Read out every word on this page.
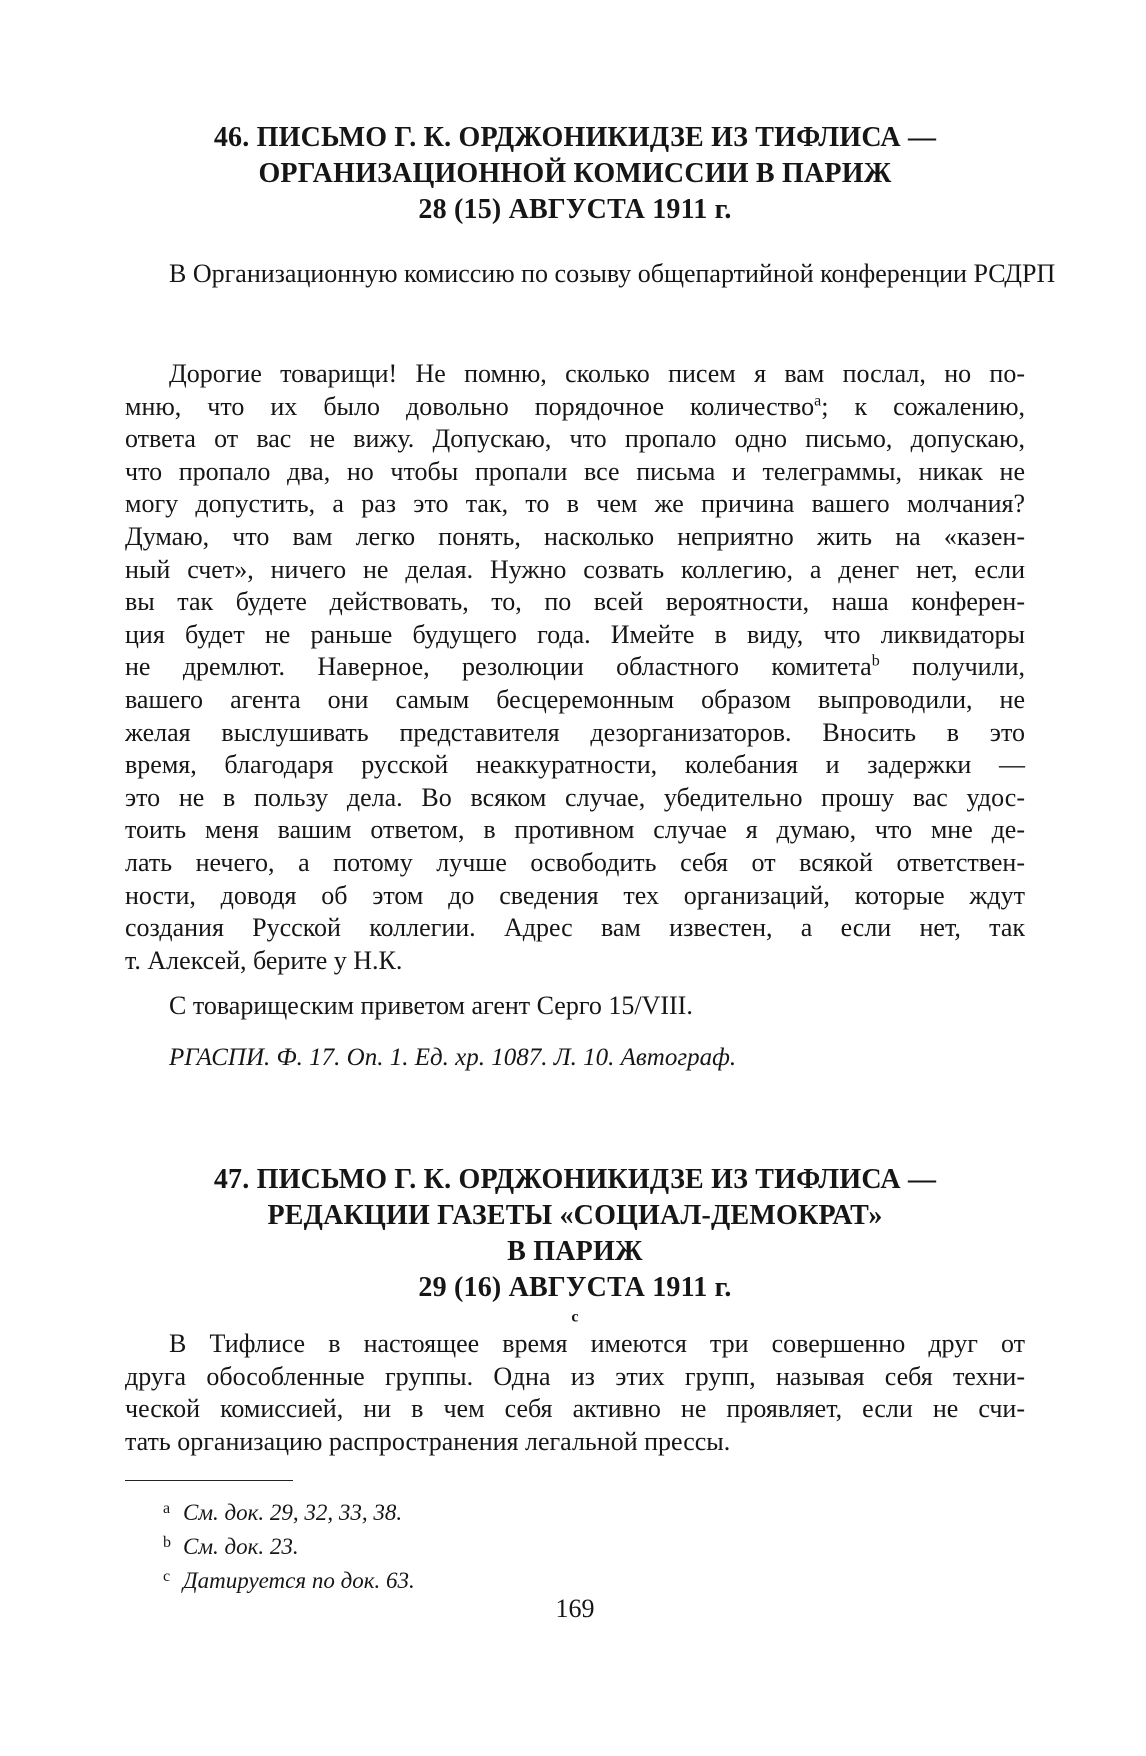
46. ПИСЬМО Г. К. ОРДЖОНИКИДЗЕ ИЗ ТИФЛИСА —
ОРГАНИЗАЦИОННОЙ КОМИССИИ В ПАРИЖ
28 (15) АВГУСТА 1911 г.

В Организационную комиссию по созыву общепартийной конференции РСДРП

Дорогие товарищи! Не помню, сколько писем я вам послал, но по-
мню, что их было довольно порядочное количество$^a$; к сожалению,
ответа от вас не вижу. Допускаю, что пропало одно письмо, допускаю,
что пропало два, но чтобы пропали все письма и телеграммы, никак не
могу допустить, а раз это так, то в чем же причина вашего молчания?
Думаю, что вам легко понять, насколько неприятно жить на «казен-
ный счет», ничего не делая. Нужно созвать коллегию, а денег нет, если
вы так будете действовать, то, по всей вероятности, наша конферен-
ция будет не раньше будущего года. Имейте в виду, что ликвидаторы
не дремлют. Наверное, резолюции областного комитета$^b$ получили,
вашего агента они самым бесцеремонным образом выпроводили, не
желая выслушивать представителя дезорганизаторов. Вносить в это
время, благодаря русской неаккуратности, колебания и задержки —
это не в пользу дела. Во всяком случае, убедительно прошу вас удос-
тоить меня вашим ответом, в противном случае я думаю, что мне де-
лать нечего, а потому лучше освободить себя от всякой ответствен-
ности, доводя об этом до сведения тех организаций, которые ждут
создания Русской коллегии. Адрес вам известен, а если нет, так
т. Алексей, берите у Н.К.

С товарищеским приветом агент Серго 15/VIII.

РГАСПИ. Ф. 17. Оп. 1. Ед. хр. 1087. Л. 10. Автограф.

47. ПИСЬМО Г. К. ОРДЖОНИКИДЗЕ ИЗ ТИФЛИСА —
РЕДАКЦИИ ГАЗЕТЫ «СОЦИАЛ-ДЕМОКРАТ»
В ПАРИЖ
29 (16) АВГУСТА 1911 г.
$^c$
В Тифлисе в настоящее время имеются три совершенно друг от
друга обособленные группы. Одна из этих групп, называя себя техни-
ческой комиссией, ни в чем себя активно не проявляет, если не счи-
тать организацию распространения легальной прессы.
a См. док. 29, 32, 33, 38.
b См. док. 23.
c Датируется по док. 63.

169
